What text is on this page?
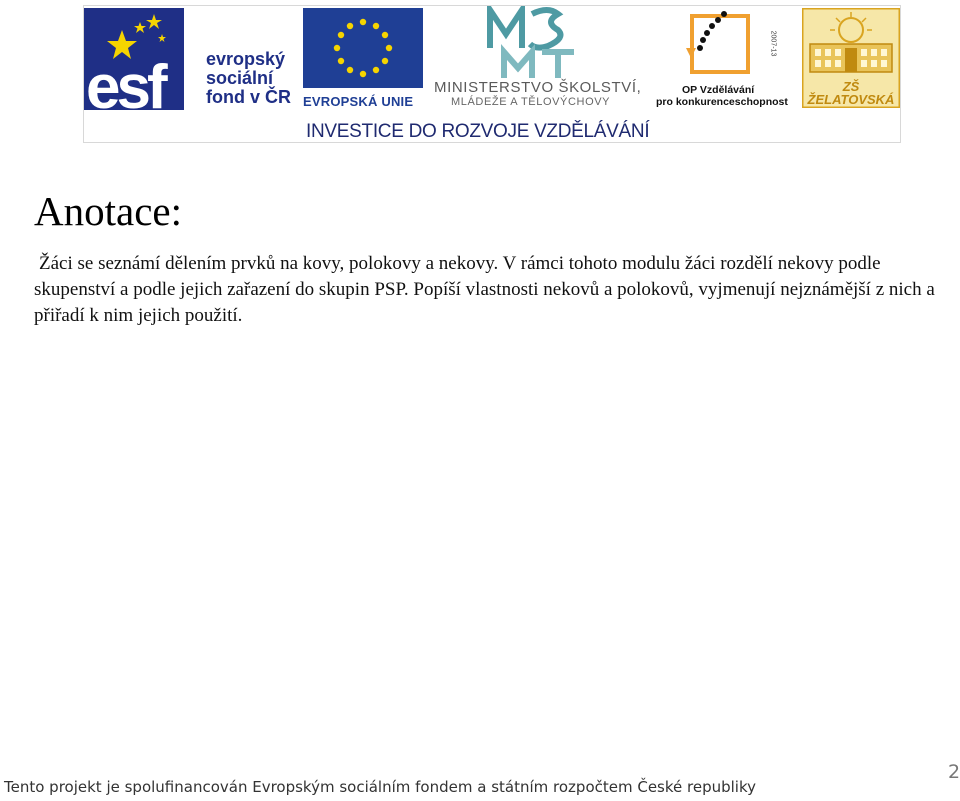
esf evropský
sociální
fond v ČR EVROPSKÁ UNIE
MINISTERSTVO ŠKOLSTVÍ,
MLÁDEŽE A TĚLOVÝCHOVY
2007-13
OP Vzdělávání
pro konkurenceschopnost
ZŠ ŽELATOVSKÁ
INVESTICE DO ROZVOJE VZDĚLÁVÁNÍ
Anotace:

Žáci se seznámí dělením prvků na kovy, polokovy a nekovy. V rámci tohoto modulu žáci rozdělí nekovy podle skupenství a podle jejich zařazení do skupin PSP. Popíší vlastnosti nekovů a polokovů, vyjmenují nejznámější z nich a přiřadí k nim jejich použití.

Tento projekt je spolufinancován Evropským sociálním fondem a státním rozpočtem České republiky
2
